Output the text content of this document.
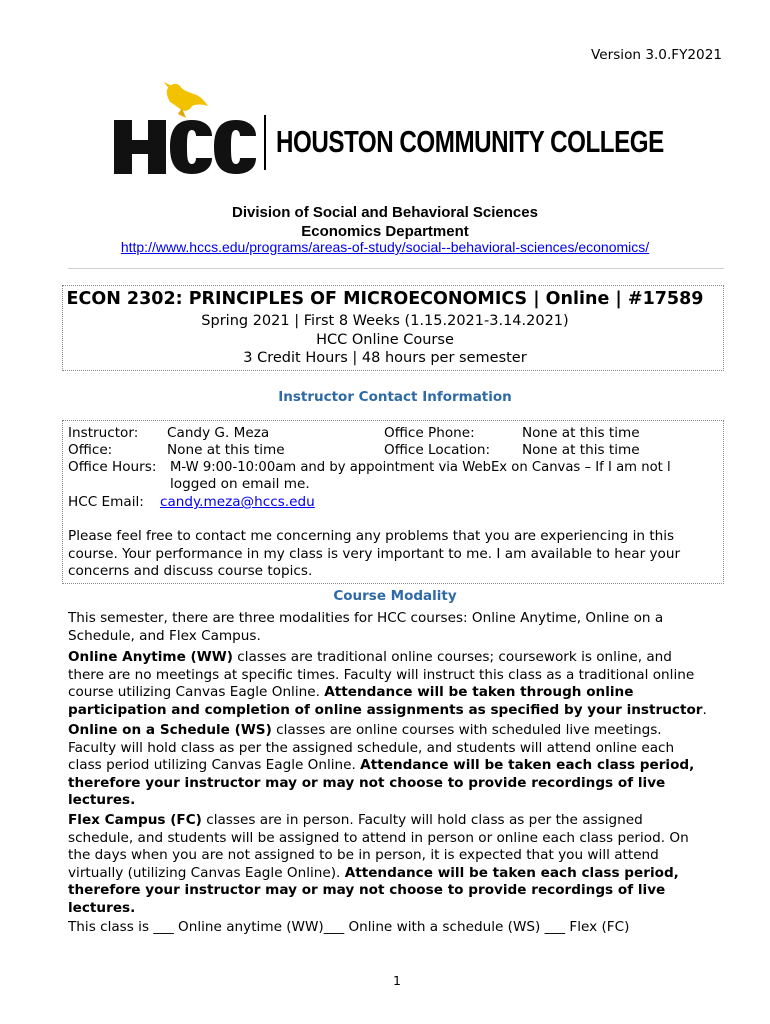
Version 3.0.FY2021
HOUSTON COMMUNITY COLLEGE
Division of Social and Behavioral Sciences
Economics Department
http://www.hccs.edu/programs/areas-of-study/social--behavioral-sciences/economics/
ECON 2302: PRINCIPLES OF MICROECONOMICS | Online | #17589
Spring 2021 | First 8 Weeks (1.15.2021-3.14.2021)
HCC Online Course
3 Credit Hours | 48 hours per semester
Instructor Contact Information
Instructor: Candy G. Meza	Office Phone:	None at this time
Office:	None at this time	Office Location: None at this time
Office Hours: M-W 9:00-10:00am and by appointment via WebEx on Canvas – If I am not l
logged on email me.
HCC Email: candy.meza@hccs.edu
Please feel free to contact me concerning any problems that you are experiencing in this
course. Your performance in my class is very important to me. I am available to hear your
concerns and discuss course topics.
Course Modality
This semester, there are three modalities for HCC courses: Online Anytime, Online on a
Schedule, and Flex Campus.
Online Anytime (WW) classes are traditional online courses; coursework is online, and
there are no meetings at specific times. Faculty will instruct this class as a traditional online
course utilizing Canvas Eagle Online. Attendance will be taken through online
participation and completion of online assignments as specified by your instructor.
Online on a Schedule (WS) classes are online courses with scheduled live meetings.
Faculty will hold class as per the assigned schedule, and students will attend online each
class period utilizing Canvas Eagle Online. Attendance will be taken each class period,
therefore your instructor may or may not choose to provide recordings of live
lectures.
Flex Campus (FC) classes are in person. Faculty will hold class as per the assigned
schedule, and students will be assigned to attend in person or online each class period. On
the days when you are not assigned to be in person, it is expected that you will attend
virtually (utilizing Canvas Eagle Online). Attendance will be taken each class period,
therefore your instructor may or may not choose to provide recordings of live
lectures.
This class is ___ Online anytime (WW)___ Online with a schedule (WS) ___ Flex (FC)
1
